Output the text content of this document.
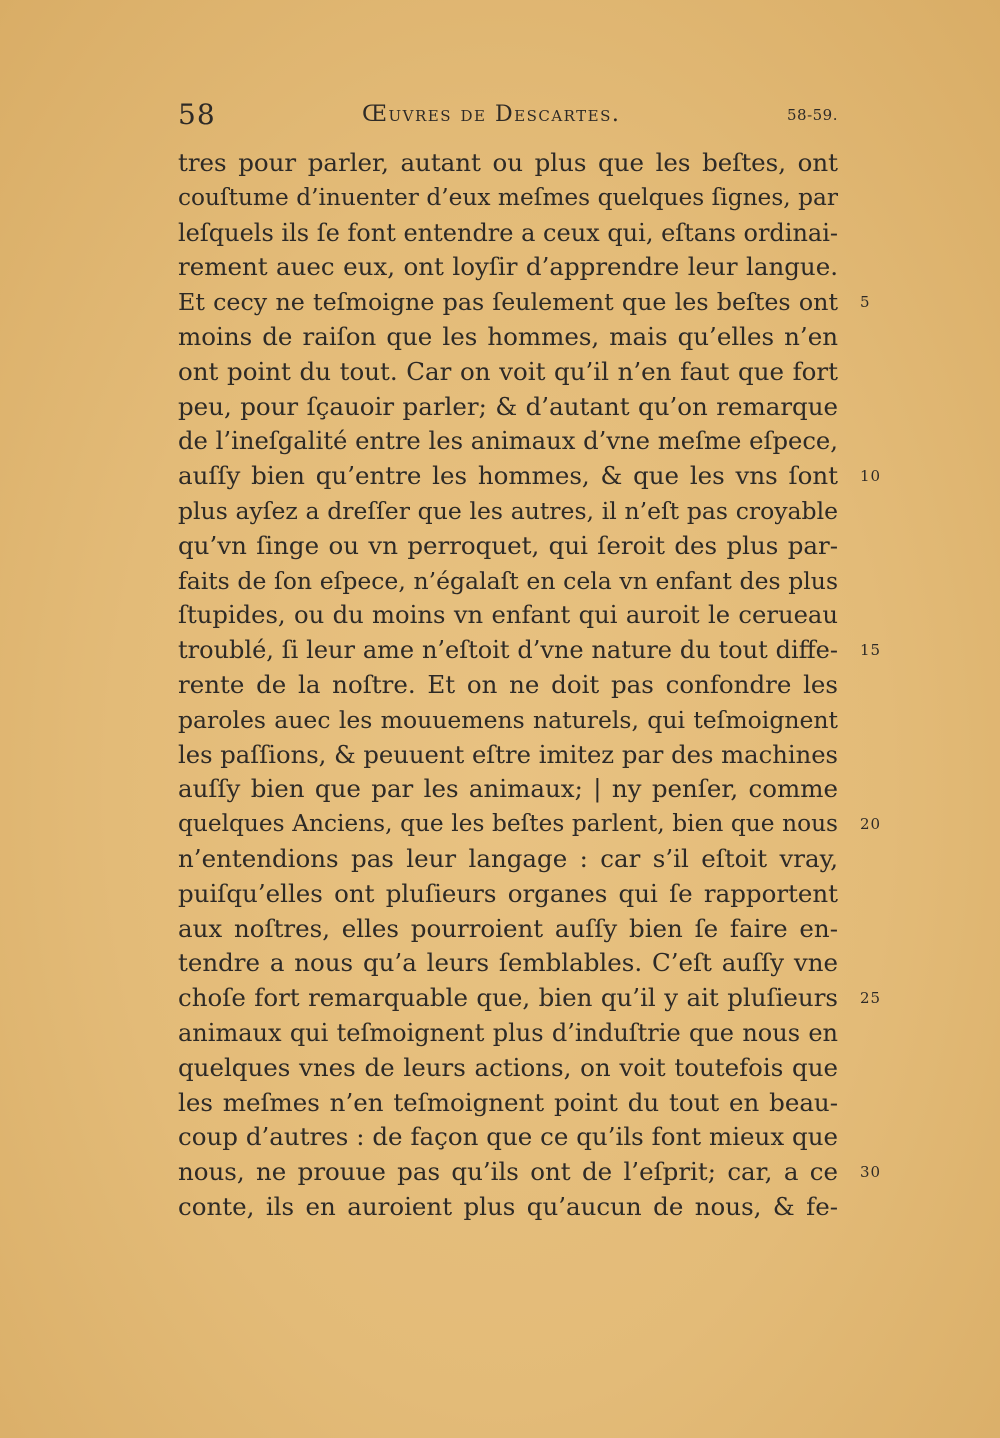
58	Œuvres de Descartes.	58-59.
tres pour parler, autant ou plus que les beſtes, ont
couſtume d’inuenter d’eux meſmes quelques ſignes, par
leſquels ils ſe font entendre a ceux qui, eſtans ordinai-
rement auec eux, ont loyſir d’apprendre leur langue.
Et cecy ne teſmoigne pas ſeulement que les beſtes ont 5
moins de raiſon que les hommes, mais qu’elles n’en
ont point du tout. Car on voit qu’il n’en faut que fort
peu, pour ſçauoir parler; & d’autant qu’on remarque
de l’ineſgalité entre les animaux d’vne meſme eſpece,
auſſy bien qu’entre les hommes, & que les vns ſont 10
plus ayſez a dreſſer que les autres, il n’eſt pas croyable
qu’vn ſinge ou vn perroquet, qui ſeroit des plus par-
faits de ſon eſpece, n’égalaſt en cela vn enfant des plus
ſtupides, ou du moins vn enfant qui auroit le cerueau
troublé, ſi leur ame n’eſtoit d’vne nature du tout diffe- 15
rente de la noſtre. Et on ne doit pas confondre les
paroles auec les mouuemens naturels, qui teſmoignent
les paſſions, & peuuent eſtre imitez par des machines
auſſy bien que par les animaux; | ny penſer, comme
quelques Anciens, que les beſtes parlent, bien que nous 20
n’entendions pas leur langage : car s’il eſtoit vray,
puiſqu’elles ont pluſieurs organes qui ſe rapportent
aux noſtres, elles pourroient auſſy bien ſe faire en-
tendre a nous qu’a leurs ſemblables. C’eſt auſſy vne
choſe fort remarquable que, bien qu’il y ait pluſieurs 25
animaux qui teſmoignent plus d’induſtrie que nous en
quelques vnes de leurs actions, on voit toutefois que
les meſmes n’en teſmoignent point du tout en beau-
coup d’autres : de façon que ce qu’ils font mieux que
nous, ne prouue pas qu’ils ont de l’eſprit; car, a ce 30
conte, ils en auroient plus qu’aucun de nous, & fe-
